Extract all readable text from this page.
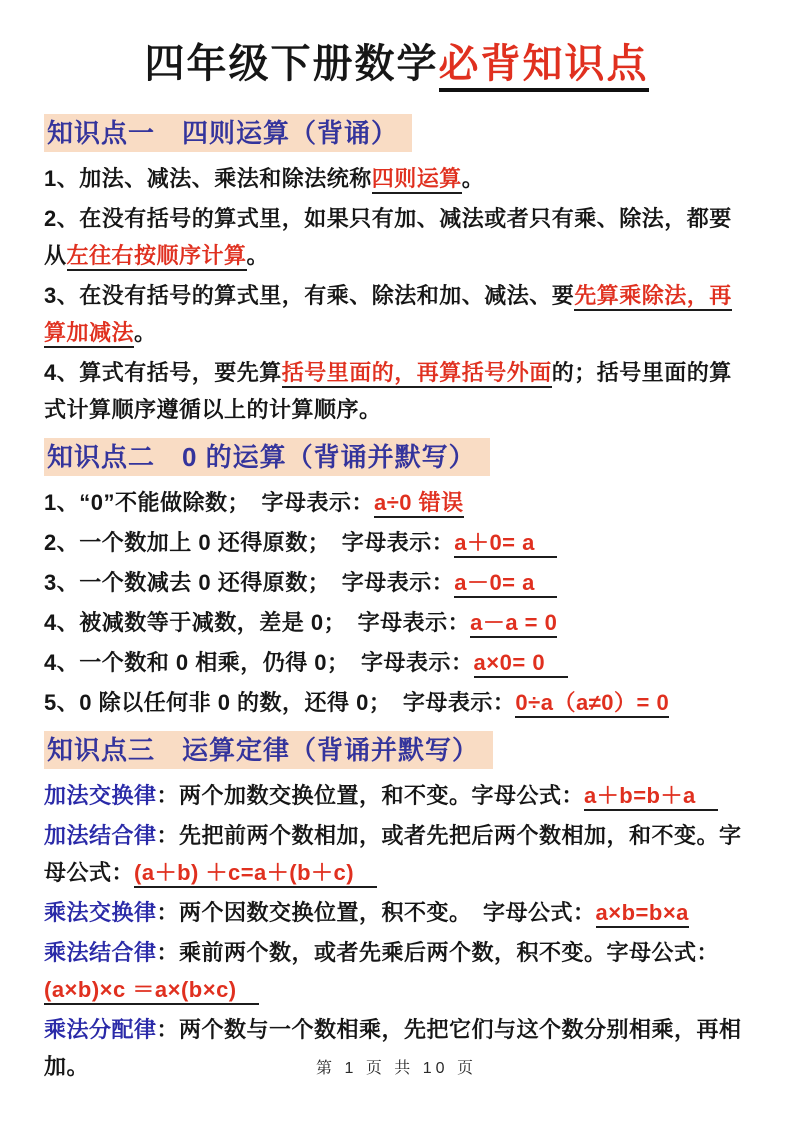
四年级下册数学必背知识点
知识点一　四则运算（背诵）

1、加法、减法、乘法和除法统称四则运算。

2、在没有括号的算式里，如果只有加、减法或者只有乘、除法，都要从左往右按顺序计算。

3、在没有括号的算式里，有乘、除法和加、减法、要先算乘除法，再算加减法。

4、算式有括号，要先算括号里面的，再算括号外面的；括号里面的算式计算顺序遵循以上的计算顺序。

知识点二　0 的运算（背诵并默写）

1、“0”不能做除数；　字母表示：a÷0 错误

2、一个数加上 0 还得原数；　字母表示：a＋0= a　

3、一个数减去 0 还得原数；　字母表示：a－0= a　

4、被减数等于减数，差是 0；　字母表示：a－a = 0

4、一个数和 0 相乘，仍得 0；　字母表示：a×0= 0　

5、0 除以任何非 0 的数，还得 0；　字母表示：0÷a（a≠0）= 0

知识点三　运算定律（背诵并默写）

加法交换律：两个加数交换位置，和不变。字母公式：a＋b=b＋a　

加法结合律：先把前两个数相加，或者先把后两个数相加，和不变。字母公式：(a＋b) ＋c=a＋(b＋c)　

乘法交换律：两个因数交换位置，积不变。　字母公式：a×b=b×a

乘法结合律：乘前两个数，或者先乘后两个数，积不变。字母公式：(a×b)×c ＝a×(b×c)　

乘法分配律：两个数与一个数相乘，先把它们与这个数分别相乘，再相加。	第 1 页 共 10 页
